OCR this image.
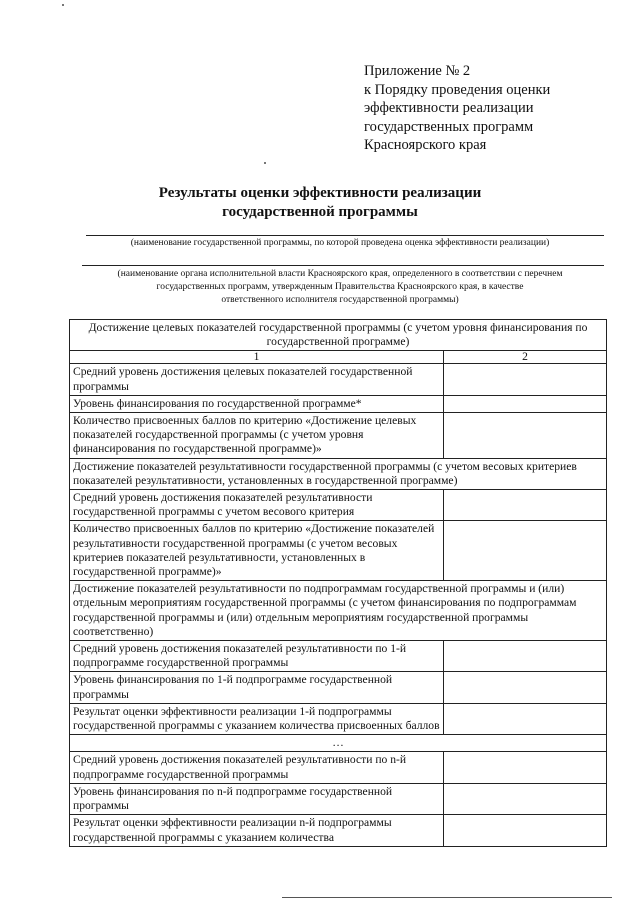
Приложение № 2
к Порядку проведения оценки
эффективности реализации
государственных программ
Красноярского края
Результаты оценки эффективности реализации
государственной программы
(наименование государственной программы, по которой проведена оценка эффективности реализации)
(наименование органа исполнительной власти Красноярского края, определенного в соответствии с перечнем
государственных программ, утвержденным Правительства Красноярского края, в качестве
ответственного исполнителя государственной программы)
Достижение целевых показателей государственной программы (с учетом уровня финансирования по государственной программе)	
1	2
Средний уровень достижения целевых показателей государственной программы	
Уровень финансирования по государственной программе*	
Количество присвоенных баллов по критерию «Достижение целевых показателей государственной программы (с учетом уровня финансирования по государственной программе)»	
Достижение показателей результативности государственной программы (с учетом весовых критериев показателей результативности, установленных в государственной программе)	
Средний уровень достижения показателей результативности государственной программы с учетом весового критерия	
Количество присвоенных баллов по критерию «Достижение показателей результативности государственной программы (с учетом весовых критериев показателей результативности, установленных в государственной программе)»	
Достижение показателей результативности по подпрограммам государственной программы и (или) отдельным мероприятиям государственной программы (с учетом финансирования по подпрограммам государственной программы и (или) отдельным мероприятиям государственной программы соответственно)	
Средний уровень достижения показателей результативности по 1-й подпрограмме государственной программы	
Уровень финансирования по 1-й подпрограмме государственной программы	
Результат оценки эффективности реализации 1-й подпрограммы государственной программы с указанием количества присвоенных баллов	
…	
Средний уровень достижения показателей результативности по n-й подпрограмме государственной программы	
Уровень финансирования по n-й подпрограмме государственной программы	
Результат оценки эффективности реализации n-й подпрограммы государственной программы с указанием количества	
